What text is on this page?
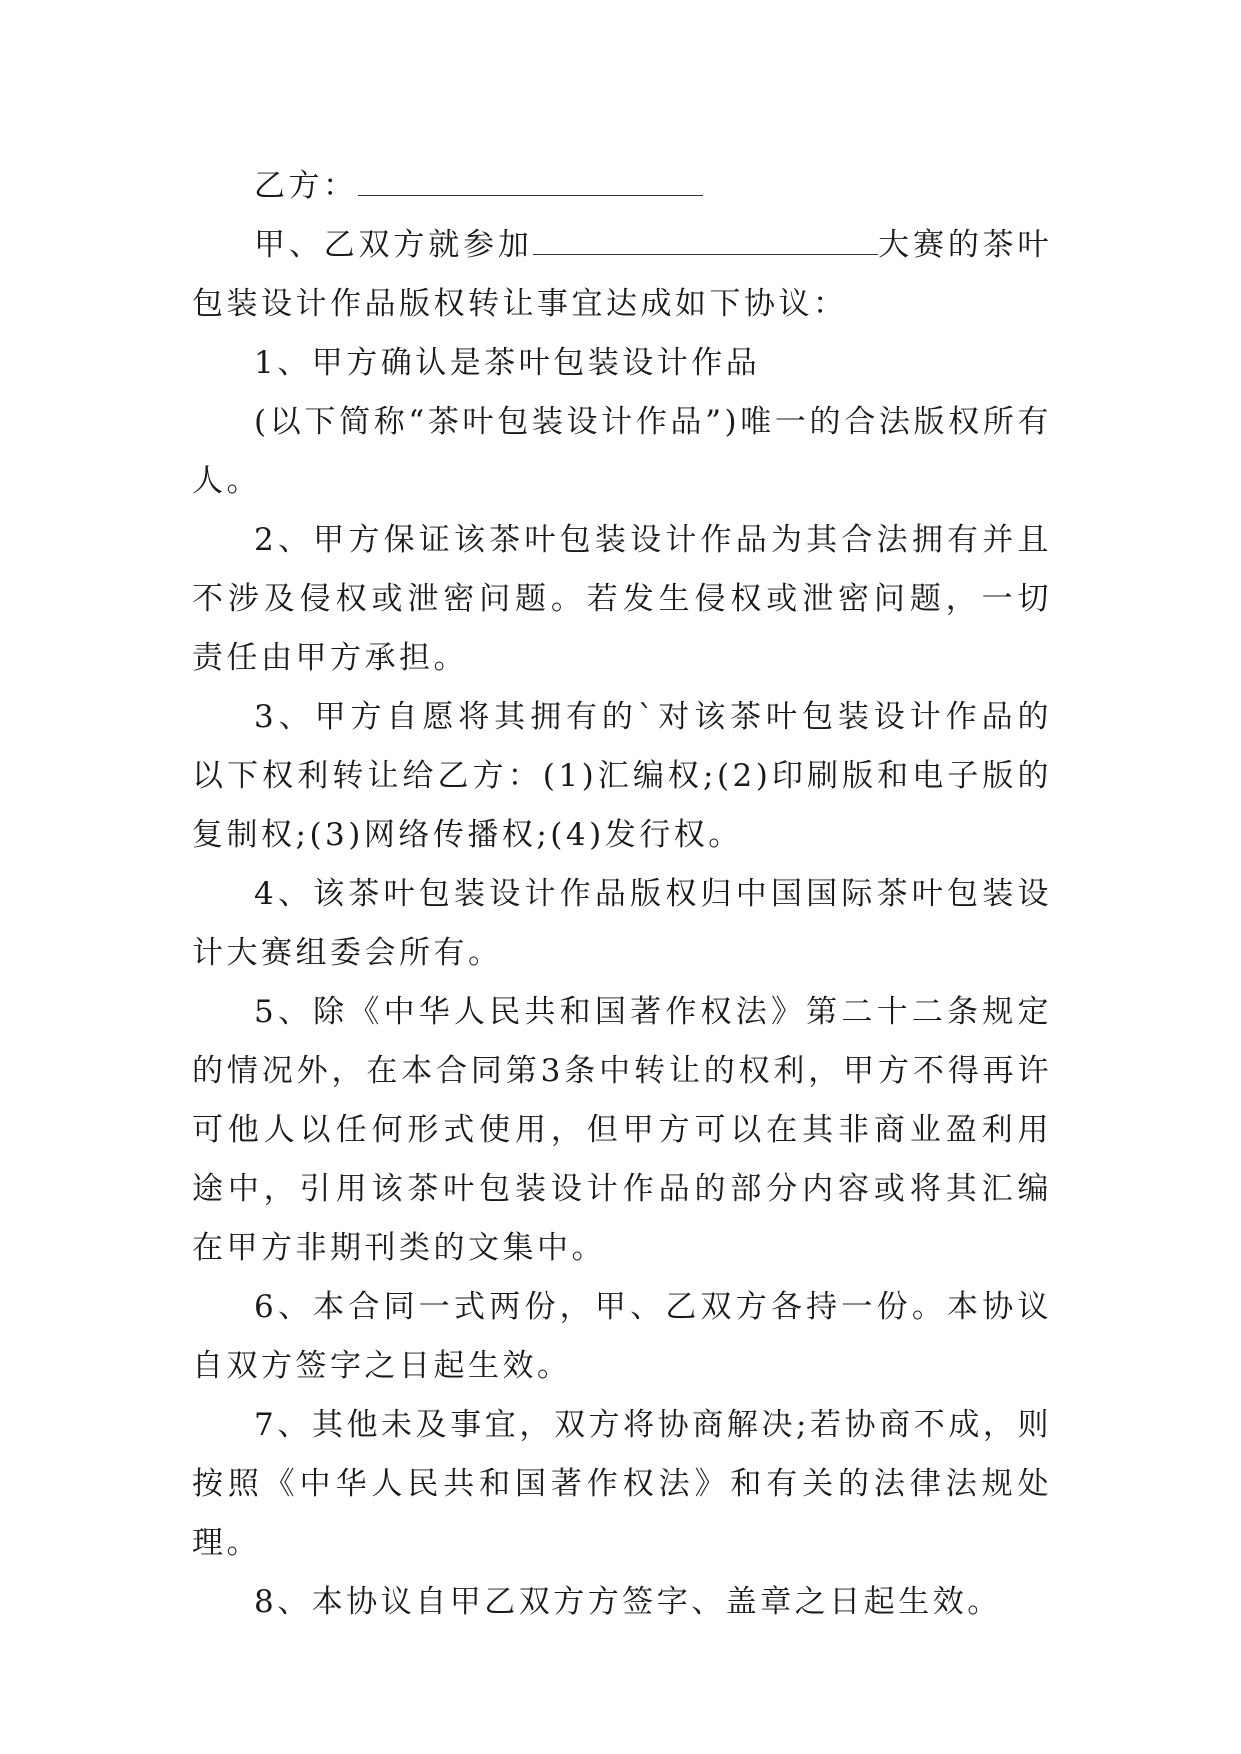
乙方：

甲、乙双方就参加	大赛的茶叶包装设计作品版权转让事宜达成如下协议：

1、甲方确认是茶叶包装设计作品

(以下简称“茶叶包装设计作品”)唯一的合法版权所有人。

2、甲方保证该茶叶包装设计作品为其合法拥有并且不涉及侵权或泄密问题。若发生侵权或泄密问题，一切责任由甲方承担。

3、甲方自愿将其拥有的`对该茶叶包装设计作品的以下权利转让给乙方：(1)汇编权;(2)印刷版和电子版的复制权;(3)网络传播权;(4)发行权。

4、该茶叶包装设计作品版权归中国国际茶叶包装设计大赛组委会所有。

5、除《中华人民共和国著作权法》第二十二条规定的情况外，在本合同第3条中转让的权利，甲方不得再许可他人以任何形式使用，但甲方可以在其非商业盈利用途中，引用该茶叶包装设计作品的部分内容或将其汇编在甲方非期刊类的文集中。

6、本合同一式两份，甲、乙双方各持一份。本协议自双方签字之日起生效。

7、其他未及事宜，双方将协商解决;若协商不成，则按照《中华人民共和国著作权法》和有关的法律法规处理。

8、本协议自甲乙双方方签字、盖章之日起生效。
